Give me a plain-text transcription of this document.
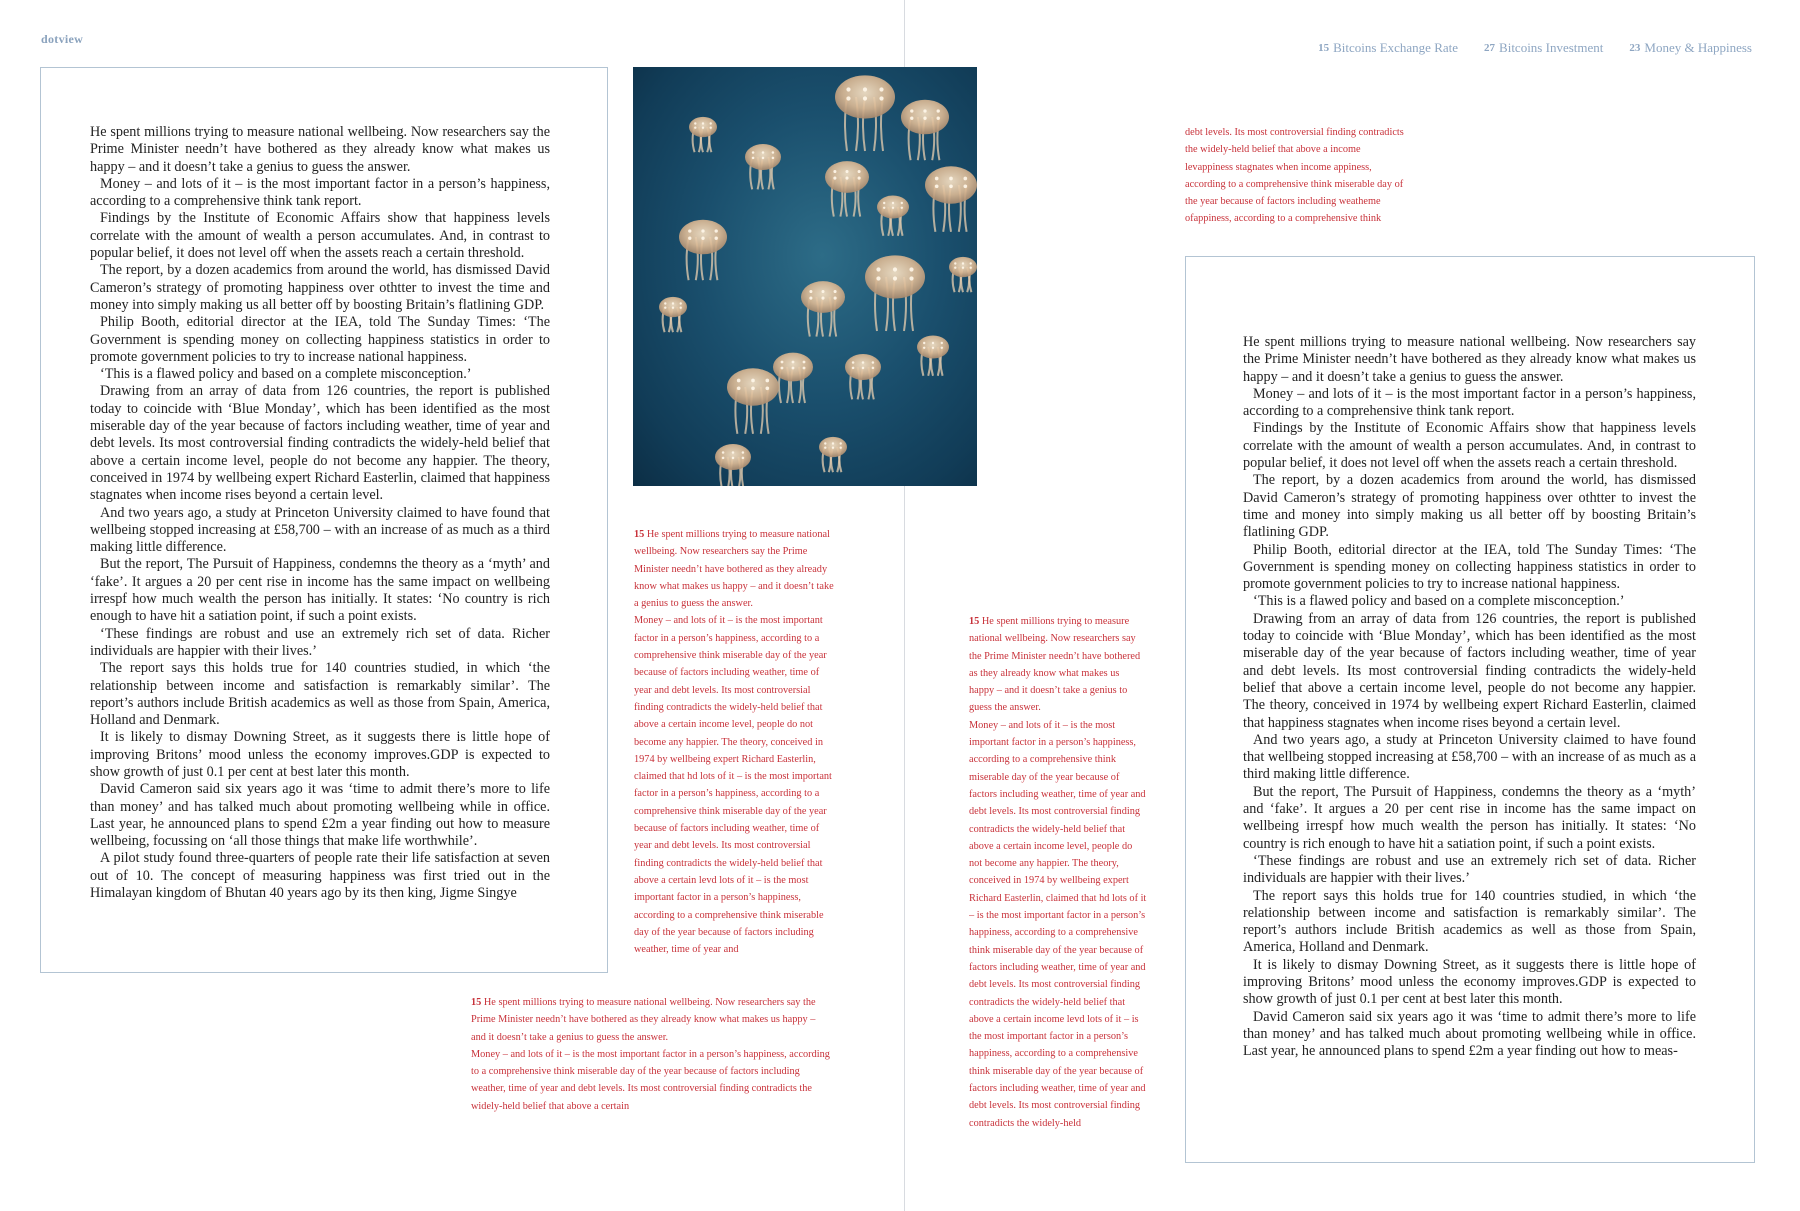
dotview
15 Bitcoins Exchange Rate 27 Bitcoins Investment 23 Money & Happiness

He spent millions trying to measure national wellbeing. Now researchers say the Prime Minister needn’t have bothered as they already know what makes us happy – and it doesn’t take a genius to guess the answer.

Money – and lots of it – is the most important factor in a person’s happiness, according to a comprehensive think tank report.

Findings by the Institute of Economic Affairs show that happiness levels correlate with the amount of wealth a person accumulates. And, in contrast to popular belief, it does not level off when the assets reach a certain threshold.

The report, by a dozen academics from around the world, has dismissed David Cameron’s strategy of promoting happiness over othtter to invest the time and money into simply making us all better off by boosting Britain’s flatlining GDP.

Philip Booth, editorial director at the IEA, told The Sunday Times: ‘The Government is spending money on collecting happiness statistics in order to promote government policies to try to increase national happiness.

‘This is a flawed policy and based on a complete misconception.’

Drawing from an array of data from 126 countries, the report is published today to coincide with ‘Blue Monday’, which has been identified as the most miserable day of the year because of factors including weather, time of year and debt levels. Its most controversial finding contradicts the widely-held belief that above a certain income level, people do not become any happier. The theory, conceived in 1974 by wellbeing expert Richard Easterlin, claimed that happiness stagnates when income rises beyond a certain level.

And two years ago, a study at Princeton University claimed to have found that wellbeing stopped increasing at £58,700 – with an increase of as much as a third making little difference.

But the report, The Pursuit of Happiness, condemns the theory as a ‘myth’ and ‘fake’. It argues a 20 per cent rise in income has the same impact on wellbeing irrespf how much wealth the person has initially. It states: ‘No country is rich enough to have hit a satiation point, if such a point exists.

‘These findings are robust and use an extremely rich set of data. Richer individuals are happier with their lives.’

The report says this holds true for 140 countries studied, in which ‘the relationship between income and satisfaction is remarkably similar’. The report’s authors include British academics as well as those from Spain, America, Holland and Denmark.

It is likely to dismay Downing Street, as it suggests there is little hope of improving Britons’ mood unless the economy improves.GDP is expected to show growth of just 0.1 per cent at best later this month.

David Cameron said six years ago it was ‘time to admit there’s more to life than money’ and has talked much about promoting wellbeing while in office. Last year, he announced plans to spend £2m a year finding out how to measure wellbeing, focussing on ‘all those things that make life worthwhile’.

A pilot study found three-quarters of people rate their life satisfaction at seven out of 10. The concept of measuring happiness was first tried out in the Himalayan kingdom of Bhutan 40 years ago by its then king, Jigme Singye

He spent millions trying to measure national wellbeing. Now researchers say the Prime Minister needn’t have bothered as they already know what makes us happy – and it doesn’t take a genius to guess the answer.

Money – and lots of it – is the most important factor in a person’s happiness, according to a comprehensive think tank report.

Findings by the Institute of Economic Affairs show that happiness levels correlate with the amount of wealth a person accumulates. And, in contrast to popular belief, it does not level off when the assets reach a certain threshold.

The report, by a dozen academics from around the world, has dismissed David Cameron’s strategy of promoting happiness over othtter to invest the time and money into simply making us all better off by boosting Britain’s flatlining GDP.

Philip Booth, editorial director at the IEA, told The Sunday Times: ‘The Government is spending money on collecting happiness statistics in order to promote government policies to try to increase national happiness.

‘This is a flawed policy and based on a complete misconception.’

Drawing from an array of data from 126 countries, the report is published today to coincide with ‘Blue Monday’, which has been identified as the most miserable day of the year because of factors including weather, time of year and debt levels. Its most controversial finding contradicts the widely-held belief that above a certain income level, people do not become any happier. The theory, conceived in 1974 by wellbeing expert Richard Easterlin, claimed that happiness stagnates when income rises beyond a certain level.

And two years ago, a study at Princeton University claimed to have found that wellbeing stopped increasing at £58,700 – with an increase of as much as a third making little difference.

But the report, The Pursuit of Happiness, condemns the theory as a ‘myth’ and ‘fake’. It argues a 20 per cent rise in income has the same impact on wellbeing irrespf how much wealth the person has initially. It states: ‘No country is rich enough to have hit a satiation point, if such a point exists.

‘These findings are robust and use an extremely rich set of data. Richer individuals are happier with their lives.’

The report says this holds true for 140 countries studied, in which ‘the relationship between income and satisfaction is remarkably similar’. The report’s authors include British academics as well as those from Spain, America, Holland and Denmark.

It is likely to dismay Downing Street, as it suggests there is little hope of improving Britons’ mood unless the economy improves.GDP is expected to show growth of just 0.1 per cent at best later this month.

David Cameron said six years ago it was ‘time to admit there’s more to life than money’ and has talked much about promoting wellbeing while in office. Last year, he announced plans to spend £2m a year finding out how to meas-

debt levels. Its most controversial finding contradicts the widely-held belief that above a income levappiness stagnates when income appiness, according to a comprehensive think miserable day of the year because of factors including weatheme ofappiness, according to a comprehensive think

15 He spent millions trying to measure national wellbeing. Now researchers say the Prime Minister needn’t have bothered as they already know what makes us happy – and it doesn’t take a genius to guess the answer.

Money – and lots of it – is the most important factor in a person’s happiness, according to a comprehensive think miserable day of the year because of factors including weather, time of year and debt levels. Its most controversial finding contradicts the widely-held belief that above a certain income level, people do not become any happier. The theory, conceived in 1974 by wellbeing expert Richard Easterlin, claimed that hd lots of it – is the most important factor in a person’s happiness, according to a comprehensive think miserable day of the year because of factors including weather, time of year and debt levels. Its most controversial finding contradicts the widely-held belief that above a certain levd lots of it – is the most important factor in a person’s happiness, according to a comprehensive think miserable day of the year because of factors including weather, time of year and

15 He spent millions trying to measure national wellbeing. Now researchers say the Prime Minister needn’t have bothered as they already know what makes us happy – and it doesn’t take a genius to guess the answer.

Money – and lots of it – is the most important factor in a person’s happiness, according to a comprehensive think miserable day of the year because of factors including weather, time of year and debt levels. Its most controversial finding contradicts the widely-held belief that above a certain

15 He spent millions trying to measure national wellbeing. Now researchers say the Prime Minister needn’t have bothered as they already know what makes us happy – and it doesn’t take a genius to guess the answer.

Money – and lots of it – is the most important factor in a person’s happiness, according to a comprehensive think miserable day of the year because of factors including weather, time of year and debt levels. Its most controversial finding contradicts the widely-held belief that above a certain income level, people do not become any happier. The theory, conceived in 1974 by wellbeing expert Richard Easterlin, claimed that hd lots of it – is the most important factor in a person’s happiness, according to a comprehensive think miserable day of the year because of factors including weather, time of year and debt levels. Its most controversial finding contradicts the widely-held belief that above a certain income levd lots of it – is the most important factor in a person’s happiness, according to a comprehensive think miserable day of the year because of factors including weather, time of year and debt levels. Its most controversial finding contradicts the widely-held
